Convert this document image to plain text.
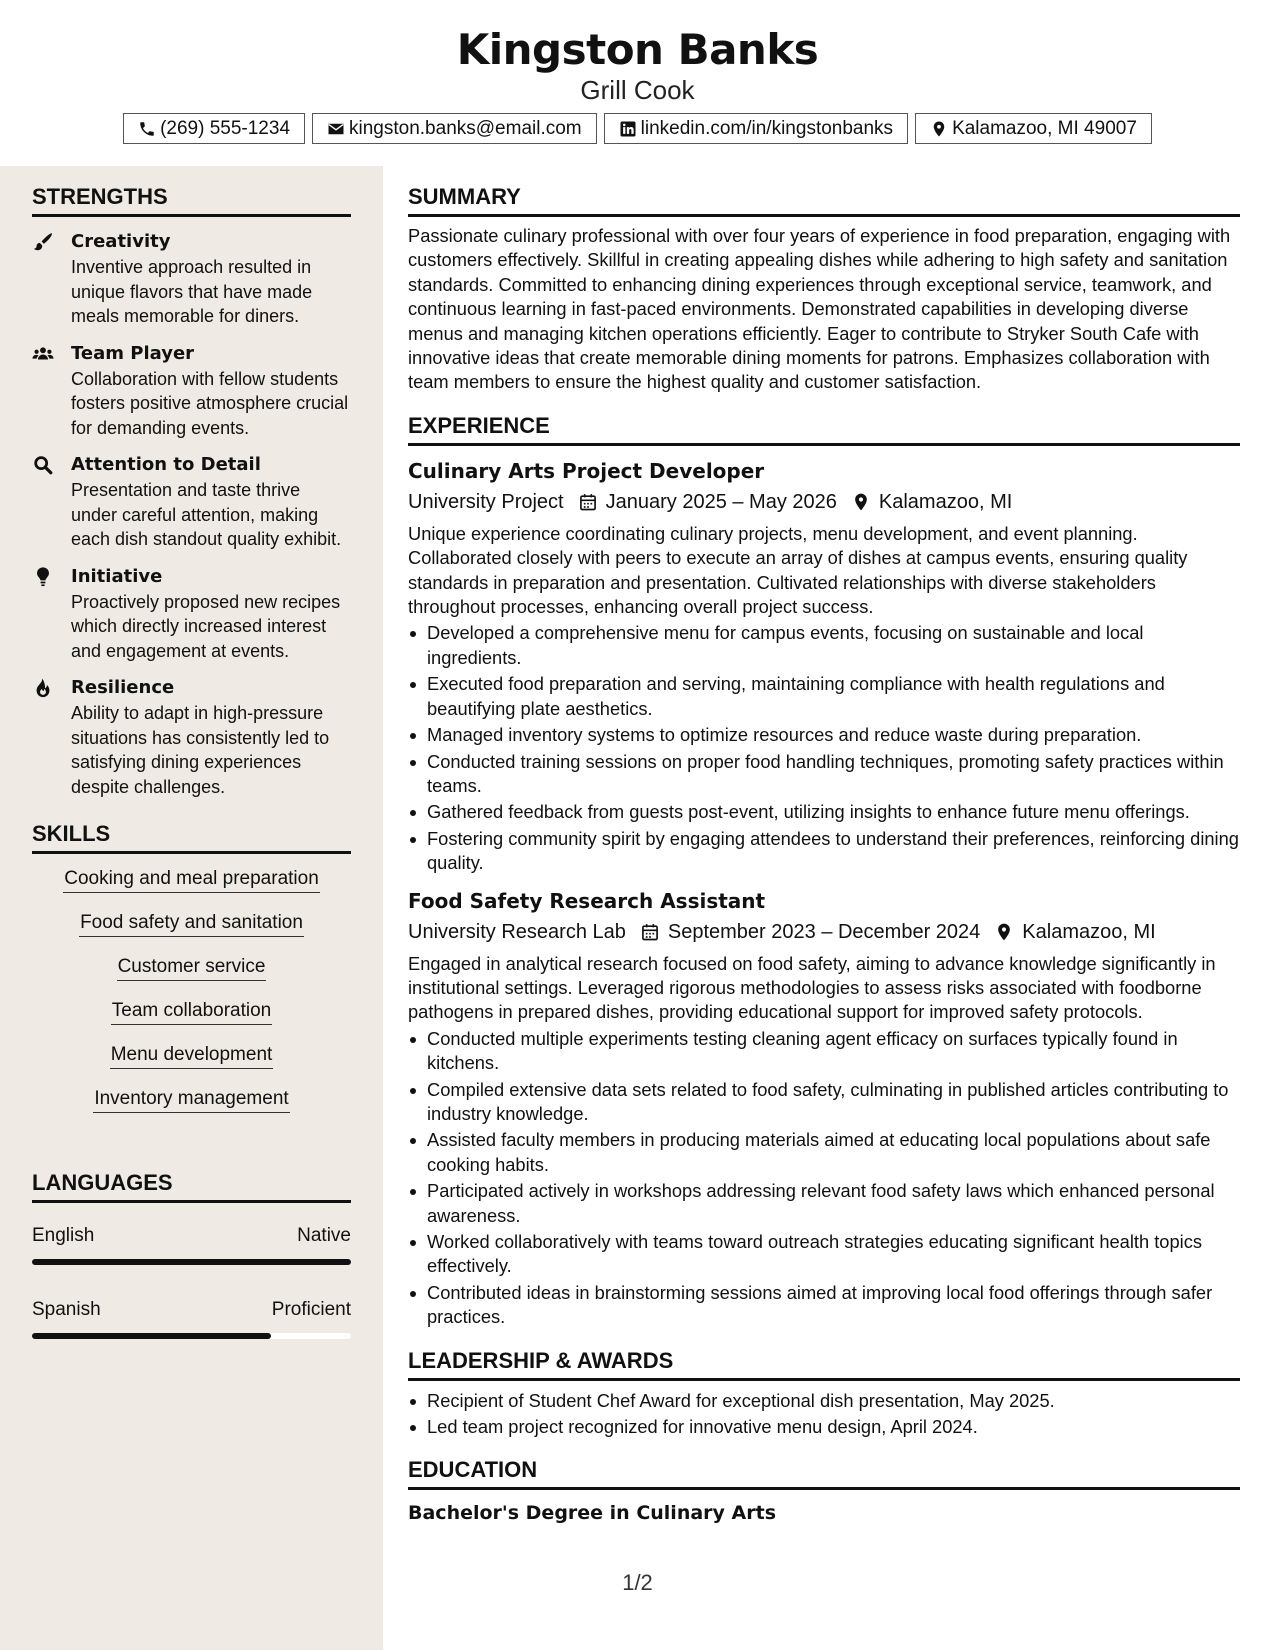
Kingston Banks
Grill Cook
(269) 555-1234	kingston.banks@email.com	linkedin.com/in/kingstonbanks	Kalamazoo, MI 49007
STRENGTHS
Creativity
Inventive approach resulted in unique flavors that have made meals memorable for diners.
Team Player
Collaboration with fellow students fosters positive atmosphere crucial for demanding events.
Attention to Detail
Presentation and taste thrive under careful attention, making each dish standout quality exhibit.
Initiative
Proactively proposed new recipes which directly increased interest and engagement at events.
Resilience
Ability to adapt in high-pressure situations has consistently led to satisfying dining experiences despite challenges.
SKILLS
Cooking and meal preparation
Food safety and sanitation
Customer service
Team collaboration
Menu development
Inventory management
LANGUAGES
English	Native
Spanish	Proficient
SUMMARY
Passionate culinary professional with over four years of experience in food preparation, engaging with customers effectively. Skillful in creating appealing dishes while adhering to high safety and sanitation standards. Committed to enhancing dining experiences through exceptional service, teamwork, and continuous learning in fast-paced environments. Demonstrated capabilities in developing diverse menus and managing kitchen operations efficiently. Eager to contribute to Stryker South Cafe with innovative ideas that create memorable dining moments for patrons. Emphasizes collaboration with team members to ensure the highest quality and customer satisfaction.
EXPERIENCE
Culinary Arts Project Developer
University Project January 2025 – May 2026 Kalamazoo, MI
Unique experience coordinating culinary projects, menu development, and event planning. Collaborated closely with peers to execute an array of dishes at campus events, ensuring quality standards in preparation and presentation. Cultivated relationships with diverse stakeholders throughout processes, enhancing overall project success.
Developed a comprehensive menu for campus events, focusing on sustainable and local ingredients.
Executed food preparation and serving, maintaining compliance with health regulations and beautifying plate aesthetics.
Managed inventory systems to optimize resources and reduce waste during preparation.
Conducted training sessions on proper food handling techniques, promoting safety practices within teams.
Gathered feedback from guests post-event, utilizing insights to enhance future menu offerings.
Fostering community spirit by engaging attendees to understand their preferences, reinforcing dining quality.
Food Safety Research Assistant
University Research Lab September 2023 – December 2024 Kalamazoo, MI
Engaged in analytical research focused on food safety, aiming to advance knowledge significantly in institutional settings. Leveraged rigorous methodologies to assess risks associated with foodborne pathogens in prepared dishes, providing educational support for improved safety protocols.
Conducted multiple experiments testing cleaning agent efficacy on surfaces typically found in kitchens.
Compiled extensive data sets related to food safety, culminating in published articles contributing to industry knowledge.
Assisted faculty members in producing materials aimed at educating local populations about safe cooking habits.
Participated actively in workshops addressing relevant food safety laws which enhanced personal awareness.
Worked collaboratively with teams toward outreach strategies educating significant health topics effectively.
Contributed ideas in brainstorming sessions aimed at improving local food offerings through safer practices.
LEADERSHIP & AWARDS
Recipient of Student Chef Award for exceptional dish presentation, May 2025.
Led team project recognized for innovative menu design, April 2024.
EDUCATION
Bachelor's Degree in Culinary Arts
1/2
